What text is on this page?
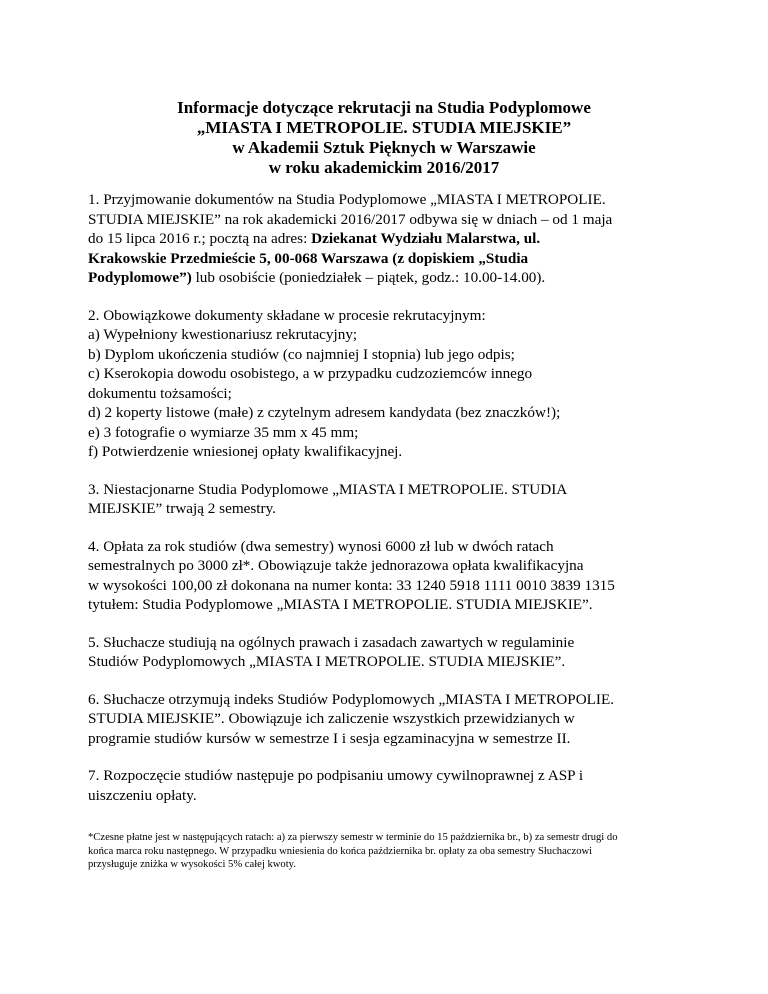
Informacje dotyczące rekrutacji na Studia Podyplomowe
„MIASTA I METROPOLIE. STUDIA MIEJSKIE”
w Akademii Sztuk Pięknych w Warszawie
w roku akademickim 2016/2017
1. Przyjmowanie dokumentów na Studia Podyplomowe „MIASTA I METROPOLIE.
STUDIA MIEJSKIE” na rok akademicki 2016/2017 odbywa się w dniach – od 1 maja
do 15 lipca 2016 r.; pocztą na adres: Dziekanat Wydziału Malarstwa, ul.
Krakowskie Przedmieście 5, 00-068 Warszawa (z dopiskiem „Studia
Podyplomowe”) lub osobiście (poniedziałek – piątek, godz.: 10.00-14.00).
2. Obowiązkowe dokumenty składane w procesie rekrutacyjnym:
a) Wypełniony kwestionariusz rekrutacyjny;
b) Dyplom ukończenia studiów (co najmniej I stopnia) lub jego odpis;
c) Kserokopia dowodu osobistego, a w przypadku cudzoziemców innego
dokumentu tożsamości;
d) 2 koperty listowe (małe) z czytelnym adresem kandydata (bez znaczków!);
e) 3 fotografie o wymiarze 35 mm x 45 mm;
f) Potwierdzenie wniesionej opłaty kwalifikacyjnej.
3. Niestacjonarne Studia Podyplomowe „MIASTA I METROPOLIE. STUDIA
MIEJSKIE” trwają 2 semestry.
4. Opłata za rok studiów (dwa semestry) wynosi 6000 zł lub w dwóch ratach
semestralnych po 3000 zł*. Obowiązuje także jednorazowa opłata kwalifikacyjna
w wysokości 100,00 zł dokonana na numer konta: 33 1240 5918 1111 0010 3839 1315
tytułem: Studia Podyplomowe „MIASTA I METROPOLIE. STUDIA MIEJSKIE”.
5. Słuchacze studiują na ogólnych prawach i zasadach zawartych w regulaminie
Studiów Podyplomowych „MIASTA I METROPOLIE. STUDIA MIEJSKIE”.
6. Słuchacze otrzymują indeks Studiów Podyplomowych „MIASTA I METROPOLIE.
STUDIA MIEJSKIE”. Obowiązuje ich zaliczenie wszystkich przewidzianych w
programie studiów kursów w semestrze I i sesja egzaminacyjna w semestrze II.
7. Rozpoczęcie studiów następuje po podpisaniu umowy cywilnoprawnej z ASP i
uiszczeniu opłaty.
*Czesne płatne jest w następujących ratach: a) za pierwszy semestr w terminie do 15 października br., b) za semestr drugi do
końca marca roku następnego. W przypadku wniesienia do końca października br. opłaty za oba semestry Słuchaczowi
przysługuje zniżka w wysokości 5% całej kwoty.
